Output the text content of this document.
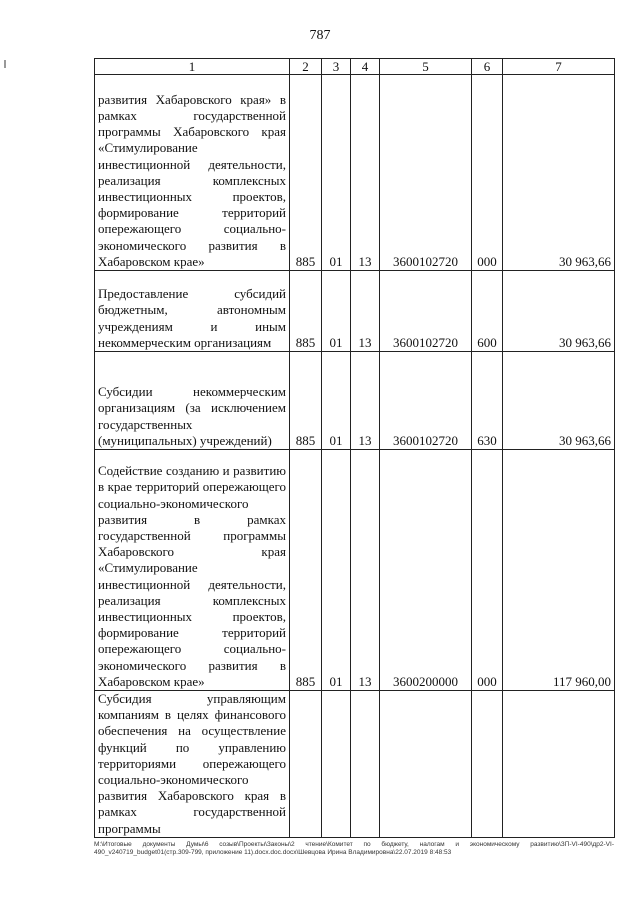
787
1	2	3	4	5	6	7

развития Хабаровского края» в рамках государственной программы Хабаровского края «Стимулирование инвестиционной деятельности, реализация комплексных инвестиционных проектов, формирование территорий опережающего социально-экономического развития в Хабаровском крае»	885	01	13	3600102720	000	30 963,66

Предоставление субсидий бюджетным, автономным учреждениям и иным некоммерческим организациям	885	01	13	3600102720	600	30 963,66

Субсидии некоммерческим организациям (за исключением государственных (муниципальных) учреждений)	885	01	13	3600102720	630	30 963,66

Содействие созданию и развитию в крае территорий опережающего социально-экономического развития в рамках государственной программы Хабаровского края «Стимулирование инвестиционной деятельности, реализация комплексных инвестиционных проектов, формирование территорий опережающего социально-экономического развития в Хабаровском крае»	885	01	13	3600200000	000	117 960,00

Субсидия управляющим компаниям в целях финансового обеспечения на осуществление функций по управлению территориями опережающего социально-экономического развития Хабаровского края в рамках государственной программы						

M:\Итоговые документы Думы\6 созыв\Проекты\Законы\2 чтение\Комитет по бюджету, налогам и экономическому развитию\ЗП-VI-490\др2-VI-490_v240719_budget01(стр.309-799, приложение 11).docx.doc.docx\Шевцова Ирина Владимировна\22.07.2019 8:48:53
